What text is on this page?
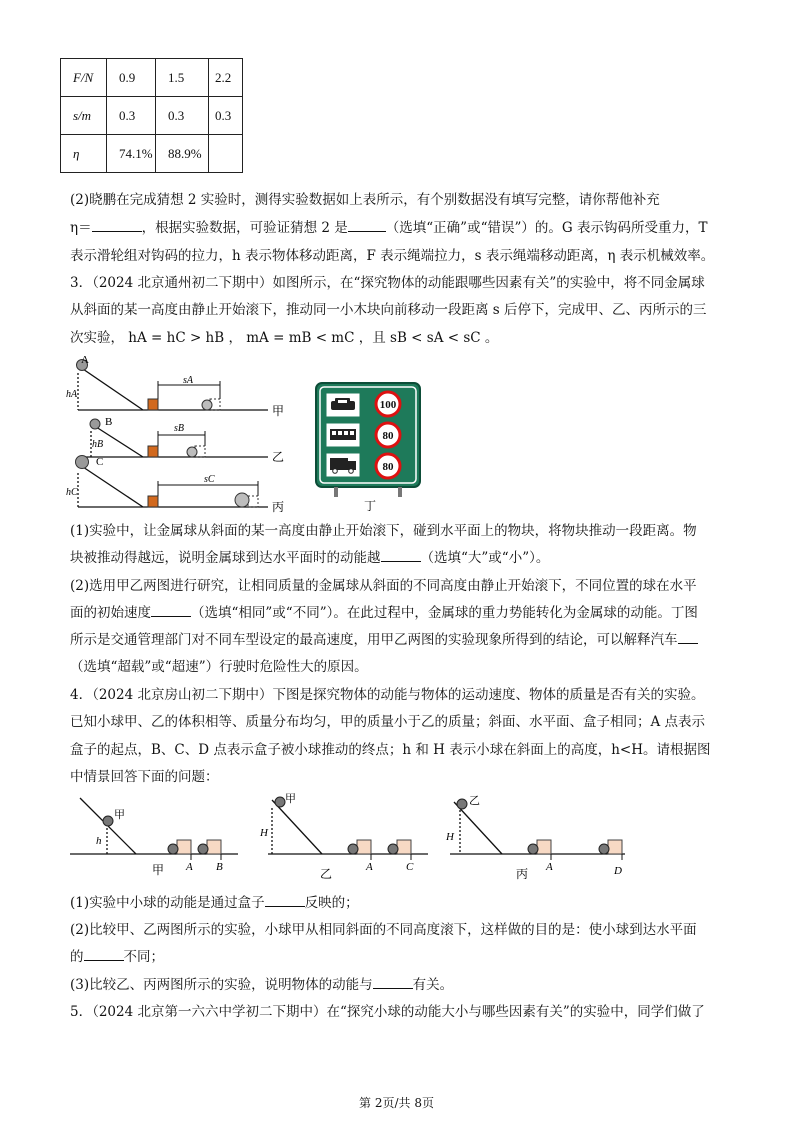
F/N	0.9	1.5	2.2
s/m	0.3	0.3	0.3
η	74.1%	88.9%	
(2)晓鹏在完成猜想 2 实验时，测得实验数据如上表所示，有个别数据没有填写完整，请你帮他补充
η＝	，根据实验数据，可验证猜想 2 是	（选填“正确”或“错误”）的。G 表示钩码所受重力，T
表示滑轮组对钩码的拉力，h 表示物体移动距离，F 表示绳端拉力，s 表示绳端移动距离，η 表示机械效率。
3．（2024 北京通州初二下期中）如图所示，在“探究物体的动能跟哪些因素有关”的实验中，将不同金属球
从斜面的某一高度由静止开始滚下，推动同一小木块向前移动一段距离 s 后停下，完成甲、乙、丙所示的三
次实验， hA = hC > hB ， mA = mB < mC ，且 sB < sA < sC 。
A
B
C
hA
hB
hC
sA
sB
sC
甲
乙
丙
100
80
80
丁
(1)实验中，让金属球从斜面的某一高度由静止开始滚下，碰到水平面上的物块，将物块推动一段距离。物
块被推动得越远，说明金属球到达水平面时的动能越	（选填“大”或“小”）。
(2)选用甲乙两图进行研究，让相同质量的金属球从斜面的不同高度由静止开始滚下，不同位置的球在水平
面的初始速度	（选填“相同”或“不同”）。在此过程中，金属球的重力势能转化为金属球的动能。丁图
所示是交通管理部门对不同车型设定的最高速度，用甲乙两图的实验现象所得到的结论，可以解释汽车
（选填“超载”或“超速”）行驶时危险性大的原因。
4．（2024 北京房山初二下期中）下图是探究物体的动能与物体的运动速度、物体的质量是否有关的实验。
已知小球甲、乙的体积相等、质量分布均匀，甲的质量小于乙的质量；斜面、水平面、盒子相同；A 点表示
盒子的起点，B、C、D 点表示盒子被小球推动的终点；h 和 H 表示小球在斜面上的高度，h<H。请根据图
中情景回答下面的问题：
甲
甲	乙
h
H	H
A B	A	C	A	D
甲	乙	丙
(1)实验中小球的动能是通过盒子	反映的；
(2)比较甲、乙两图所示的实验，小球甲从相同斜面的不同高度滚下，这样做的目的是：使小球到达水平面
的	不同；
(3)比较乙、丙两图所示的实验，说明物体的动能与	有关。
5．（2024 北京第一六六中学初二下期中）在“探究小球的动能大小与哪些因素有关”的实验中，同学们做了
第 2页/共 8页
